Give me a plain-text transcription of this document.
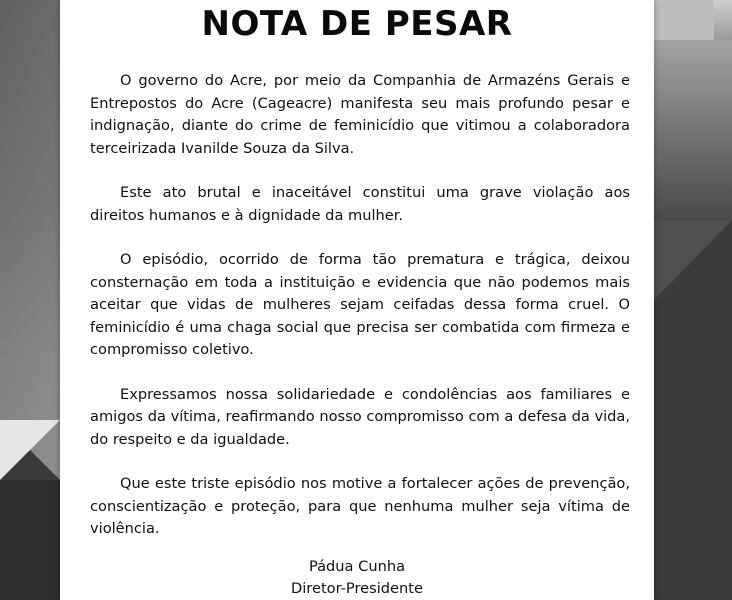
NOTA DE PESAR

O governo do Acre, por meio da Companhia de Armazéns Gerais e Entrepostos do Acre (Cageacre) manifesta seu mais profundo pesar e indignação, diante do crime de feminicídio que vitimou a colaboradora terceirizada Ivanilde Souza da Silva.

Este ato brutal e inaceitável constitui uma grave violação aos direitos humanos e à dignidade da mulher.

O episódio, ocorrido de forma tão prematura e trágica, deixou consternação em toda a instituição e evidencia que não podemos mais aceitar que vidas de mulheres sejam ceifadas dessa forma cruel. O feminicídio é uma chaga social que precisa ser combatida com firmeza e compromisso coletivo.

Expressamos nossa solidariedade e condolências aos familiares e amigos da vítima, reafirmando nosso compromisso com a defesa da vida, do respeito e da igualdade.

Que este triste episódio nos motive a fortalecer ações de prevenção, conscientização e proteção, para que nenhuma mulher seja vítima de violência.

Pádua Cunha
Diretor-Presidente
